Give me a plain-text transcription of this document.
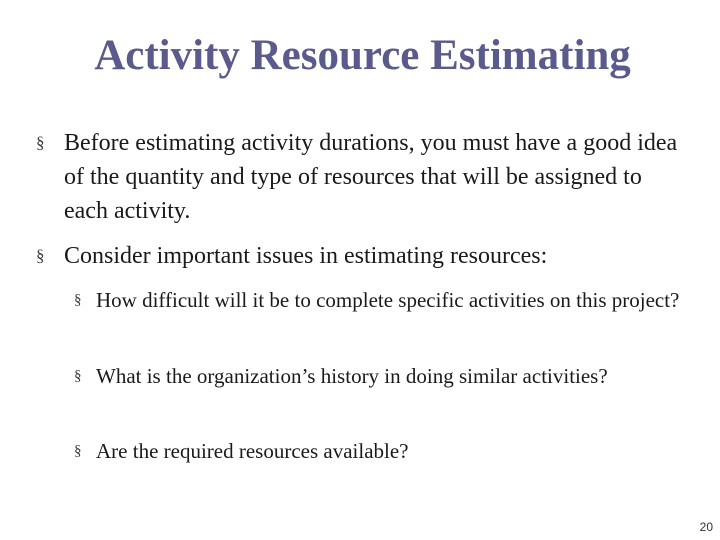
Activity Resource Estimating
§ Before estimating activity durations, you must have a good idea of the quantity and type of resources that will be assigned to each activity.
§ Consider important issues in estimating resources:
§ How difficult will it be to complete specific activities on this project?
§ What is the organization’s history in doing similar activities?
§ Are the required resources available?
20
